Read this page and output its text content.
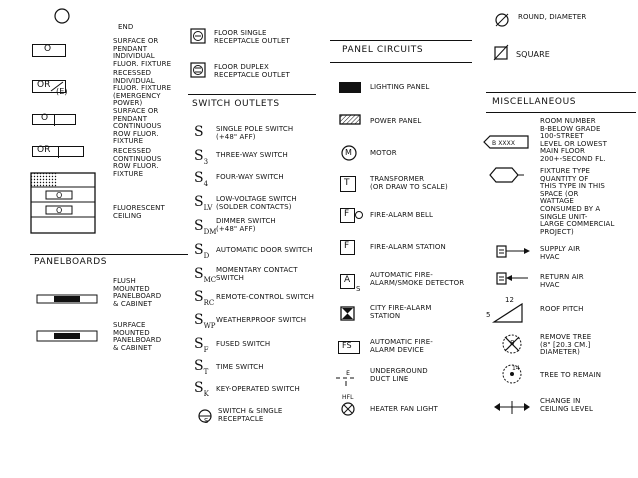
END
O
SURFACE OR
PENDANT
INDIVIDUAL
FLUOR. FIXTURE
OR
(E)
RECESSED
INDIVIDUAL
FLUOR. FIXTURE
(EMERGENCY
POWER)
O
SURFACE OR
PENDANT
CONTINUOUS
ROW FLUOR.
FIXTURE
OR	RECESSED
CONTINUOUS
ROW FLUOR.
FIXTURE
O
O	FLUORESCENT
CEILING
PANELBOARDS
FLUSH
MOUNTED
PANELBOARD
& CABINET
SURFACE
MOUNTED
PANELBOARD
& CABINET
FLOOR SINGLE
RECEPTACLE OUTLET
FLOOR DUPLEX
RECEPTACLE OUTLET
SWITCH OUTLETS
S SINGLE POLE SWITCH
(+48" AFF)
$S_3$
THREE-WAY SWITCH
$S_4$
FOUR-WAY SWITCH
$S_{LV}$
LOW-VOLTAGE SWITCH
(SOLDER CONTACTS)
$S_{DM}$
DIMMER SWITCH
(+48" AFF)
$S_D$
AUTOMATIC DOOR SWITCH
$S_{MC}$
MOMENTARY CONTACT
SWITCH
$S_{RC}$
REMOTE-CONTROL SWITCH
$S_{WP}$
WEATHERPROOF SWITCH
$S_F$
FUSED SWITCH
$S_T$
TIME SWITCH
$S_K$
KEY-OPERATED SWITCH
S
SWITCH & SINGLE
RECEPTACLE
PANEL CIRCUITS
LIGHTING PANEL
POWER PANEL
M	MOTOR
T	TRANSFORMER
(OR DRAW TO SCALE)
F	FIRE-ALARM BELL
F	FIRE-ALARM STATION
A
S
AUTOMATIC FIRE-
ALARM/SMOKE DETECTOR
CITY FIRE-ALARM
STATION
FS	AUTOMATIC FIRE-
ALARM DEVICE
E	UNDERGROUND
DUCT LINE
HFL
HEATER FAN LIGHT
ROUND, DIAMETER
SQUARE
MISCELLANEOUS
B XXXX
ROOM NUMBER
B-BELOW GRADE
100-STREET
LEVEL OR LOWEST
MAIN FLOOR
200+-SECOND FL.
FIXTURE TYPE
QUANTITY OF
THIS TYPE IN THIS
SPACE (OR
WATTAGE
CONSUMED BY A
SINGLE UNIT-
LARGE COMMERCIAL
PROJECT)
SUPPLY AIR
HVAC
RETURN AIR
HVAC
12
5
ROOF PITCH
8
REMOVE TREE
(8" [20.3 CM.]
DIAMETER)
14
TREE TO REMAIN
CHANGE IN
CEILING LEVEL
